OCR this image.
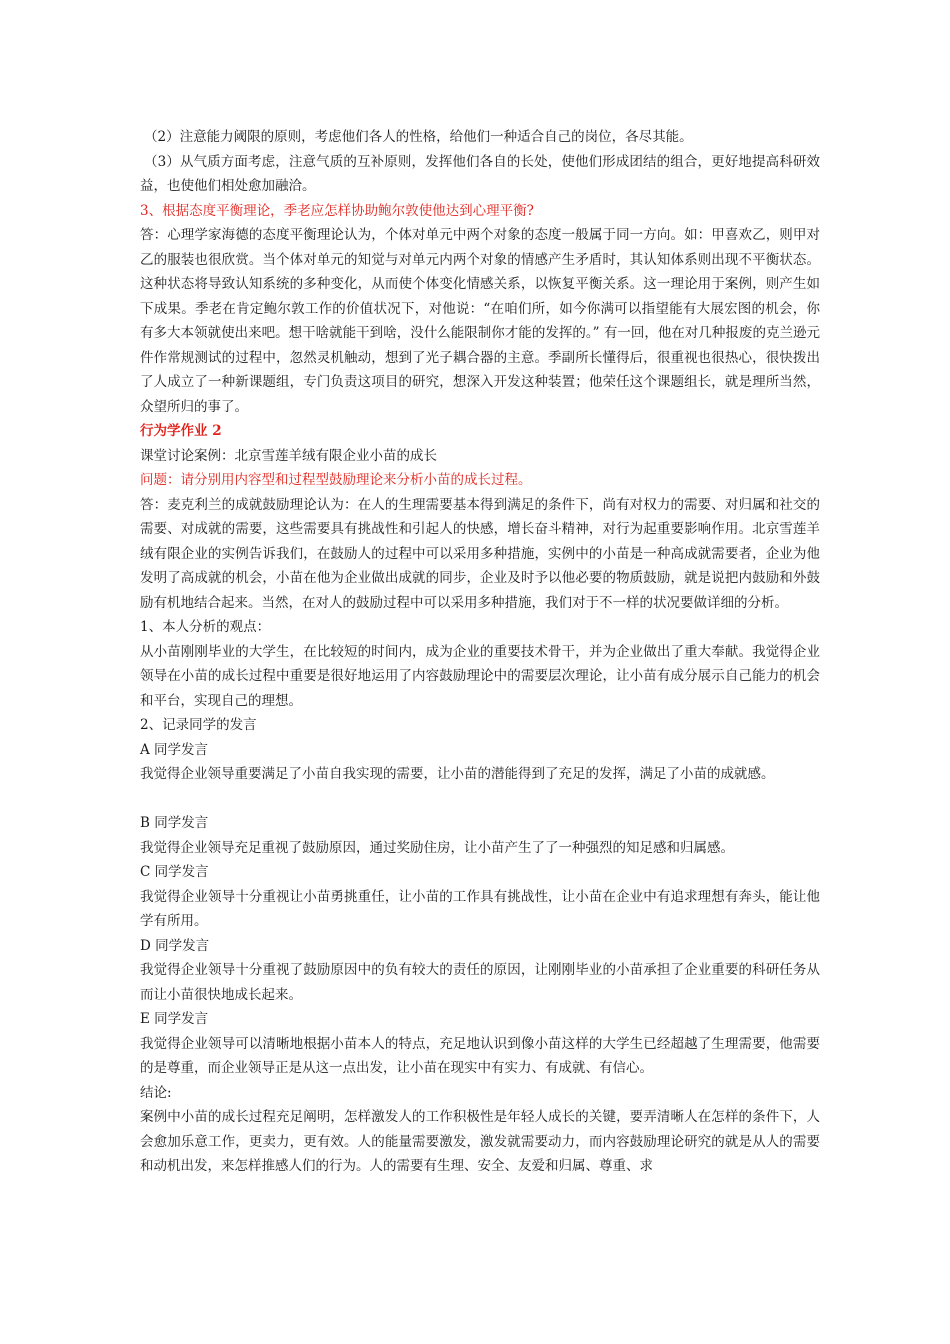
（2）注意能力阈限的原则，考虑他们各人的性格，给他们一种适合自己的岗位，各尽其能。

（3）从气质方面考虑，注意气质的互补原则，发挥他们各自的长处，使他们形成团结的组合，更好地提高科研效益，也使他们相处愈加融洽。

3、根据态度平衡理论，季老应怎样协助鲍尔敦使他达到心理平衡?

答：心理学家海德的态度平衡理论认为，个体对单元中两个对象的态度一般属于同一方向。如：甲喜欢乙，则甲对乙的服装也很欣赏。当个体对单元的知觉与对单元内两个对象的情感产生矛盾时，其认知体系则出现不平衡状态。这种状态将导致认知系统的多种变化，从而使个体变化情感关系，以恢复平衡关系。这一理论用于案例，则产生如下成果。季老在肯定鲍尔敦工作的价值状况下，对他说：“在咱们所，如今你满可以指望能有大展宏图的机会，你有多大本领就使出来吧。想干啥就能干到啥，没什么能限制你才能的发挥的。” 有一回，他在对几种报废的克兰逊元件作常规测试的过程中，忽然灵机触动，想到了光子耦合器的主意。季副所长懂得后，很重视也很热心，很快拨出了人成立了一种新课题组，专门负责这项目的研究，想深入开发这种装置；他荣任这个课题组长，就是理所当然，众望所归的事了。

行为学作业 2

课堂讨论案例：北京雪莲羊绒有限企业小苗的成长

问题：请分别用内容型和过程型鼓励理论来分析小苗的成长过程。

答：麦克利兰的成就鼓励理论认为：在人的生理需要基本得到满足的条件下，尚有对权力的需要、对归属和社交的需要、对成就的需要，这些需要具有挑战性和引起人的快感，增长奋斗精神，对行为起重要影响作用。北京雪莲羊绒有限企业的实例告诉我们，在鼓励人的过程中可以采用多种措施，实例中的小苗是一种高成就需要者，企业为他发明了高成就的机会，小苗在他为企业做出成就的同步，企业及时予以他必要的物质鼓励，就是说把内鼓励和外鼓励有机地结合起来。当然，在对人的鼓励过程中可以采用多种措施，我们对于不一样的状况要做详细的分析。

1、本人分析的观点：

从小苗刚刚毕业的大学生，在比较短的时间内，成为企业的重要技术骨干，并为企业做出了重大奉献。我觉得企业领导在小苗的成长过程中重要是很好地运用了内容鼓励理论中的需要层次理论，让小苗有成分展示自己能力的机会和平台，实现自己的理想。

2、记录同学的发言

A 同学发言

我觉得企业领导重要满足了小苗自我实现的需要，让小苗的潜能得到了充足的发挥，满足了小苗的成就感。

B 同学发言

我觉得企业领导充足重视了鼓励原因，通过奖励住房，让小苗产生了了一种强烈的知足感和归属感。

C 同学发言

我觉得企业领导十分重视让小苗勇挑重任，让小苗的工作具有挑战性，让小苗在企业中有追求理想有奔头，能让他学有所用。

D 同学发言

我觉得企业领导十分重视了鼓励原因中的负有较大的责任的原因，让刚刚毕业的小苗承担了企业重要的科研任务从而让小苗很快地成长起来。

E 同学发言

我觉得企业领导可以清晰地根据小苗本人的特点，充足地认识到像小苗这样的大学生已经超越了生理需要，他需要的是尊重，而企业领导正是从这一点出发，让小苗在现实中有实力、有成就、有信心。

结论:

案例中小苗的成长过程充足阐明，怎样激发人的工作积极性是年轻人成长的关键，要弄清晰人在怎样的条件下，人会愈加乐意工作，更卖力，更有效。人的能量需要激发，激发就需要动力，而内容鼓励理论研究的就是从人的需要和动机出发，来怎样推感人们的行为。人的需要有生理、安全、友爱和归属、尊重、求
